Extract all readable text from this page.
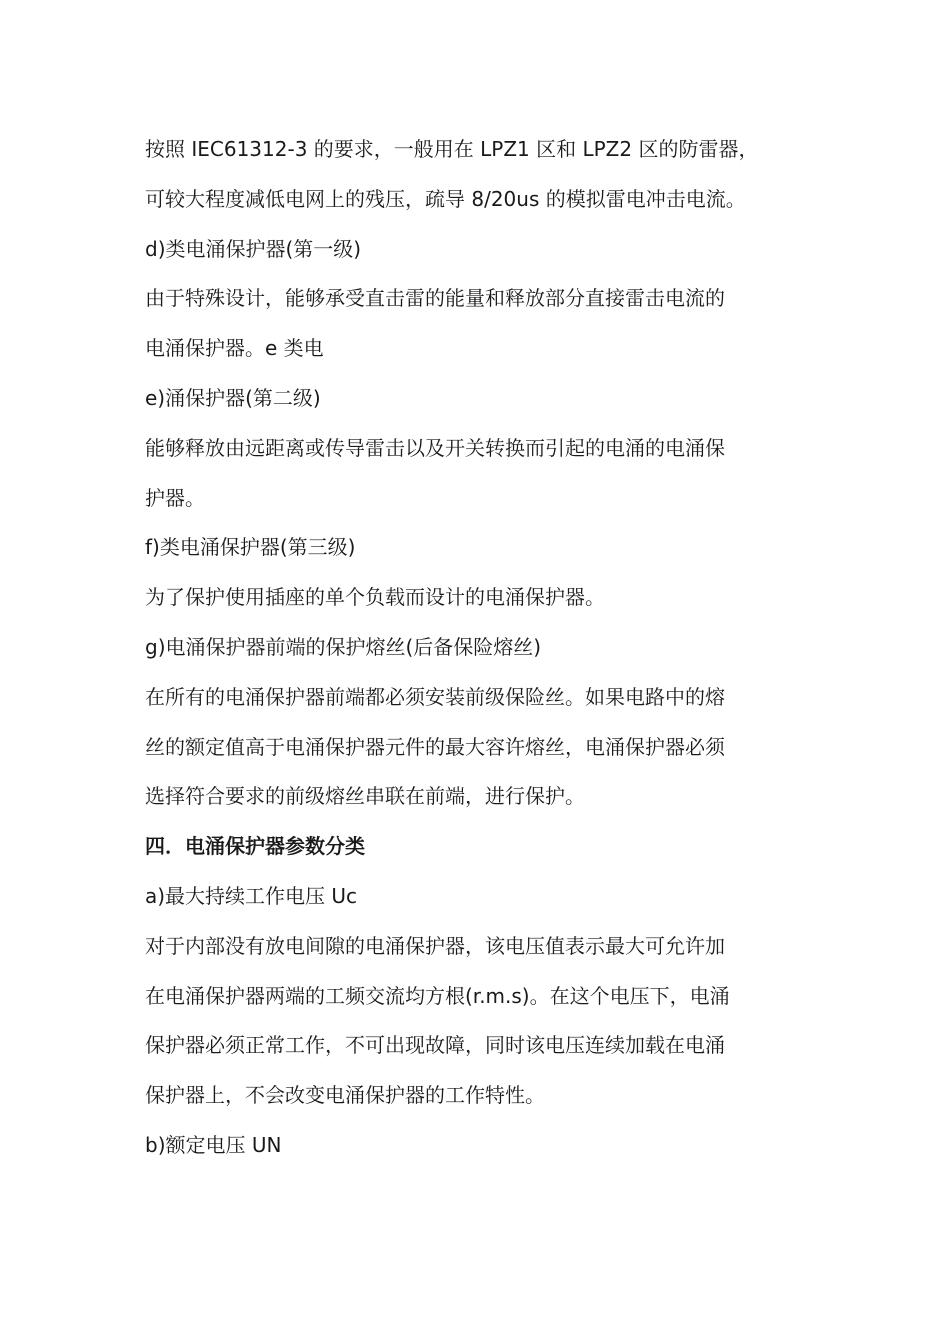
按照 IEC61312-3 的要求，一般用在 LPZ1 区和 LPZ2 区的防雷器，
可较大程度减低电网上的残压，疏导 8/20us 的模拟雷电冲击电流。
d)类电涌保护器(第一级)
由于特殊设计，能够承受直击雷的能量和释放部分直接雷击电流的
电涌保护器。e 类电
e)涌保护器(第二级)
能够释放由远距离或传导雷击以及开关转换而引起的电涌的电涌保
护器。
f)类电涌保护器(第三级)
为了保护使用插座的单个负载而设计的电涌保护器。
g)电涌保护器前端的保护熔丝(后备保险熔丝)
在所有的电涌保护器前端都必须安装前级保险丝。如果电路中的熔
丝的额定值高于电涌保护器元件的最大容许熔丝，电涌保护器必须
选择符合要求的前级熔丝串联在前端，进行保护。
四．电涌保护器参数分类
a)最大持续工作电压 Uc
对于内部没有放电间隙的电涌保护器，该电压值表示最大可允许加
在电涌保护器两端的工频交流均方根(r.m.s)。在这个电压下，电涌
保护器必须正常工作，不可出现故障，同时该电压连续加载在电涌
保护器上，不会改变电涌保护器的工作特性。
b)额定电压 UN
